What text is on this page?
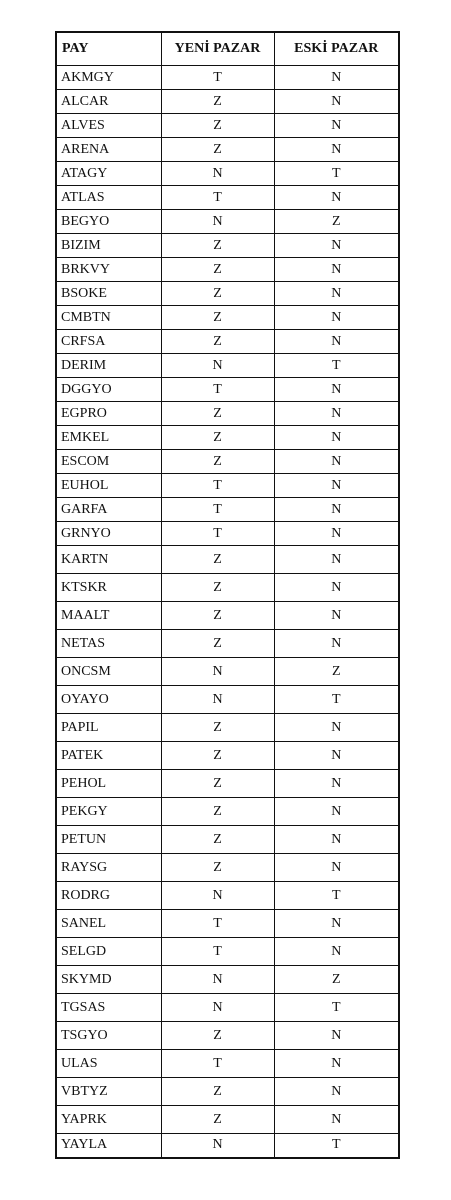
PAY	YENİ PAZAR	ESKİ PAZAR
AKMGY	T	N
ALCAR	Z	N
ALVES	Z	N
ARENA	Z	N
ATAGY	N	T
ATLAS	T	N
BEGYO	N	Z
BIZIM	Z	N
BRKVY	Z	N
BSOKE	Z	N
CMBTN	Z	N
CRFSA	Z	N
DERIM	N	T
DGGYO	T	N
EGPRO	Z	N
EMKEL	Z	N
ESCOM	Z	N
EUHOL	T	N
GARFA	T	N
GRNYO	T	N
KARTN	Z	N
KTSKR	Z	N
MAALT	Z	N
NETAS	Z	N
ONCSM	N	Z
OYAYO	N	T
PAPIL	Z	N
PATEK	Z	N
PEHOL	Z	N
PEKGY	Z	N
PETUN	Z	N
RAYSG	Z	N
RODRG	N	T
SANEL	T	N
SELGD	T	N
SKYMD	N	Z
TGSAS	N	T
TSGYO	Z	N
ULAS	T	N
VBTYZ	Z	N
YAPRK	Z	N
YAYLA	N	T
